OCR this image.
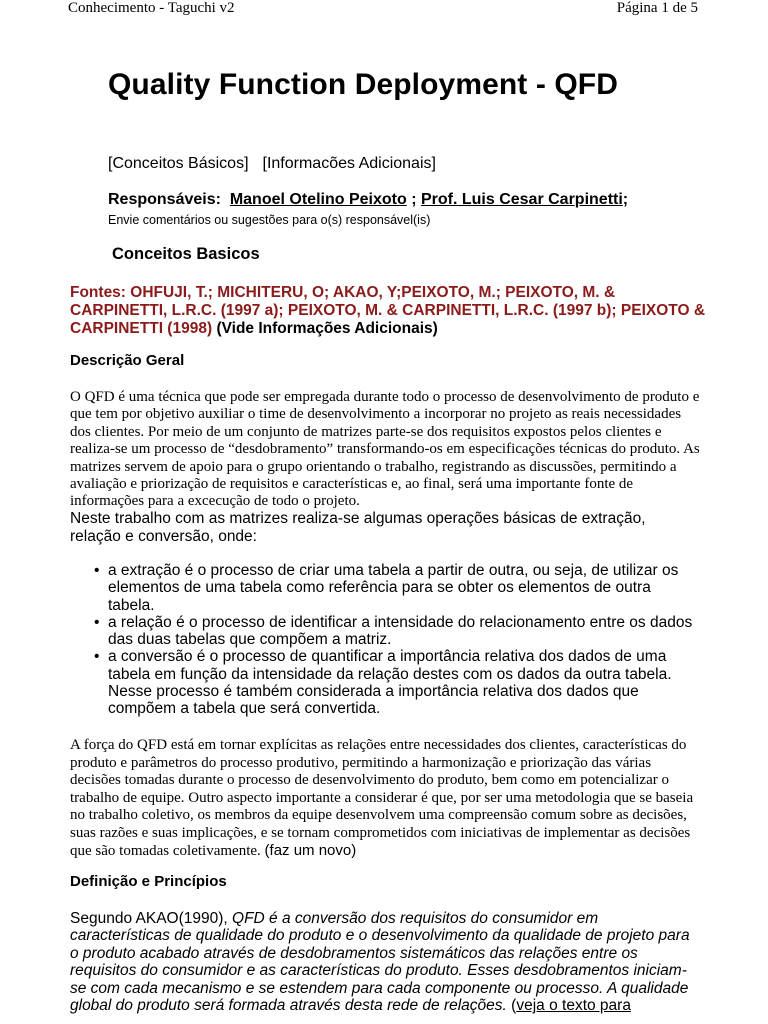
Conhecimento - Taguchi v2	Página 1 de 5
Quality Function Deployment - QFD
[Conceitos Básicos] [Informacões Adicionais]
Responsáveis: Manoel Otelino Peixoto ; Prof. Luis Cesar Carpinetti;
Envie comentários ou sugestões para o(s) responsável(is)
Conceitos Basicos
Fontes: OHFUJI, T.; MICHITERU, O; AKAO, Y;PEIXOTO, M.; PEIXOTO, M. & CARPINETTI, L.R.C. (1997 a); PEIXOTO, M. & CARPINETTI, L.R.C. (1997 b); PEIXOTO & CARPINETTI (1998) (Vide Informações Adicionais)
Descrição Geral
O QFD é uma técnica que pode ser empregada durante todo o processo de desenvolvimento de produto e que tem por objetivo auxiliar o time de desenvolvimento a incorporar no projeto as reais necessidades dos clientes. Por meio de um conjunto de matrizes parte-se dos requisitos expostos pelos clientes e realiza-se um processo de “desdobramento” transformando-os em especificações técnicas do produto. As matrizes servem de apoio para o grupo orientando o trabalho, registrando as discussões, permitindo a avaliação e priorização de requisitos e características e, ao final, será uma importante fonte de informações para a excecução de todo o projeto.
Neste trabalho com as matrizes realiza-se algumas operações básicas de extração, relação e conversão, onde:
• a extração é o processo de criar uma tabela a partir de outra, ou seja, de utilizar os elementos de uma tabela como referência para se obter os elementos de outra tabela.
• a relação é o processo de identificar a intensidade do relacionamento entre os dados das duas tabelas que compõem a matriz.
• a conversão é o processo de quantificar a importância relativa dos dados de uma tabela em função da intensidade da relação destes com os dados da outra tabela. Nesse processo é também considerada a importância relativa dos dados que compõem a tabela que será convertida.
A força do QFD está em tornar explícitas as relações entre necessidades dos clientes, características do produto e parâmetros do processo produtivo, permitindo a harmonização e priorização das várias decisões tomadas durante o processo de desenvolvimento do produto, bem como em potencializar o trabalho de equipe. Outro aspecto importante a considerar é que, por ser uma metodologia que se baseia no trabalho coletivo, os membros da equipe desenvolvem uma compreensão comum sobre as decisões, suas razões e suas implicações, e se tornam comprometidos com iniciativas de implementar as decisões que são tomadas coletivamente. (faz um novo)
Definição e Princípios
Segundo AKAO(1990), QFD é a conversão dos requisitos do consumidor em características de qualidade do produto e o desenvolvimento da qualidade de projeto para o produto acabado através de desdobramentos sistemáticos das relações entre os requisitos do consumidor e as características do produto. Esses desdobramentos iniciam-se com cada mecanismo e se estendem para cada componente ou processo. A qualidade global do produto será formada através desta rede de relações. (veja o texto para
